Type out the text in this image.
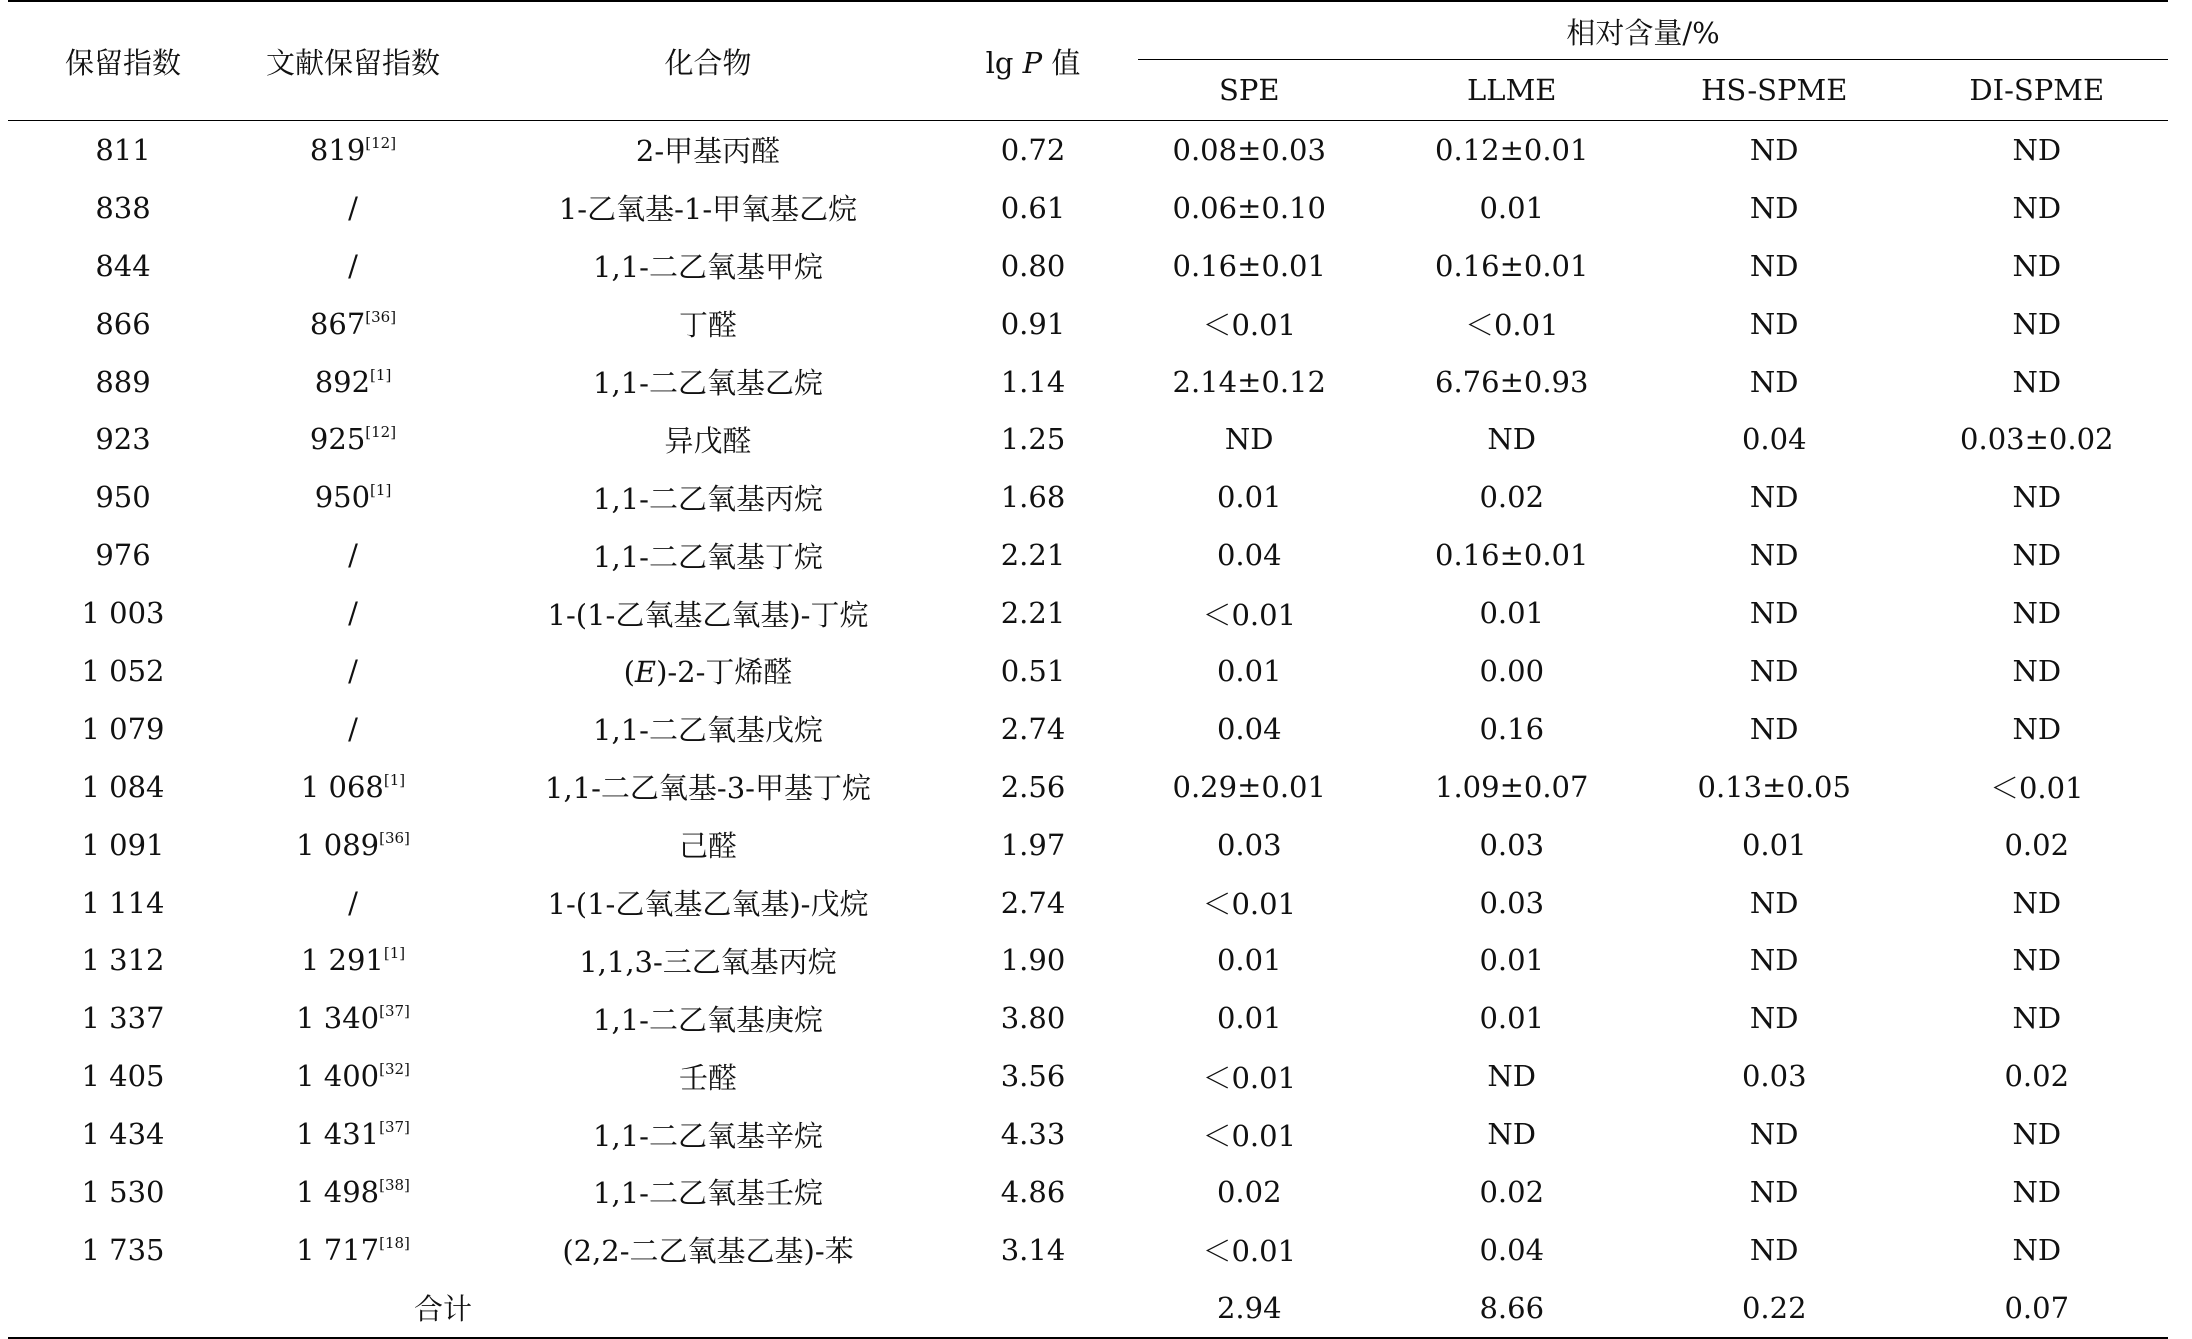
保留指数	文献保留指数	化合物	lg P 值	相对含量/%			

				SPE	LLME	HS-SPME	DI-SPME
811	819[12]	2-甲基丙醛	0.72	0.08±0.03	0.12±0.01	ND	ND
838	/	1-乙氧基-1-甲氧基乙烷	0.61	0.06±0.10	0.01	ND	ND
844	/	1,1-二乙氧基甲烷	0.80	0.16±0.01	0.16±0.01	ND	ND
866	867[36]	丁醛	0.91	＜0.01	＜0.01	ND	ND
889	892[1]	1,1-二乙氧基乙烷	1.14	2.14±0.12	6.76±0.93	ND	ND
923	925[12]	异戊醛	1.25	ND	ND	0.04	0.03±0.02
950	950[1]	1,1-二乙氧基丙烷	1.68	0.01	0.02	ND	ND
976	/	1,1-二乙氧基丁烷	2.21	0.04	0.16±0.01	ND	ND
1 003	/	1-(1-乙氧基乙氧基)-丁烷	2.21	＜0.01	0.01	ND	ND
1 052	/	(E)-2-丁烯醛	0.51	0.01	0.00	ND	ND
1 079	/	1,1-二乙氧基戊烷	2.74	0.04	0.16	ND	ND
1 084	1 068[1]	1,1-二乙氧基-3-甲基丁烷	2.56	0.29±0.01	1.09±0.07	0.13±0.05	＜0.01
1 091	1 089[36]	己醛	1.97	0.03	0.03	0.01	0.02
1 114	/	1-(1-乙氧基乙氧基)-戊烷	2.74	＜0.01	0.03	ND	ND
1 312	1 291[1]	1,1,3-三乙氧基丙烷	1.90	0.01	0.01	ND	ND
1 337	1 340[37]	1,1-二乙氧基庚烷	3.80	0.01	0.01	ND	ND
1 405	1 400[32]	壬醛	3.56	＜0.01	ND	0.03	0.02
1 434	1 431[37]	1,1-二乙氧基辛烷	4.33	＜0.01	ND	ND	ND
1 530	1 498[38]	1,1-二乙氧基壬烷	4.86	0.02	0.02	ND	ND
1 735	1 717[18]	(2,2-二乙氧基乙基)-苯	3.14	＜0.01	0.04	ND	ND
合计				2.94	8.66	0.22	0.07
